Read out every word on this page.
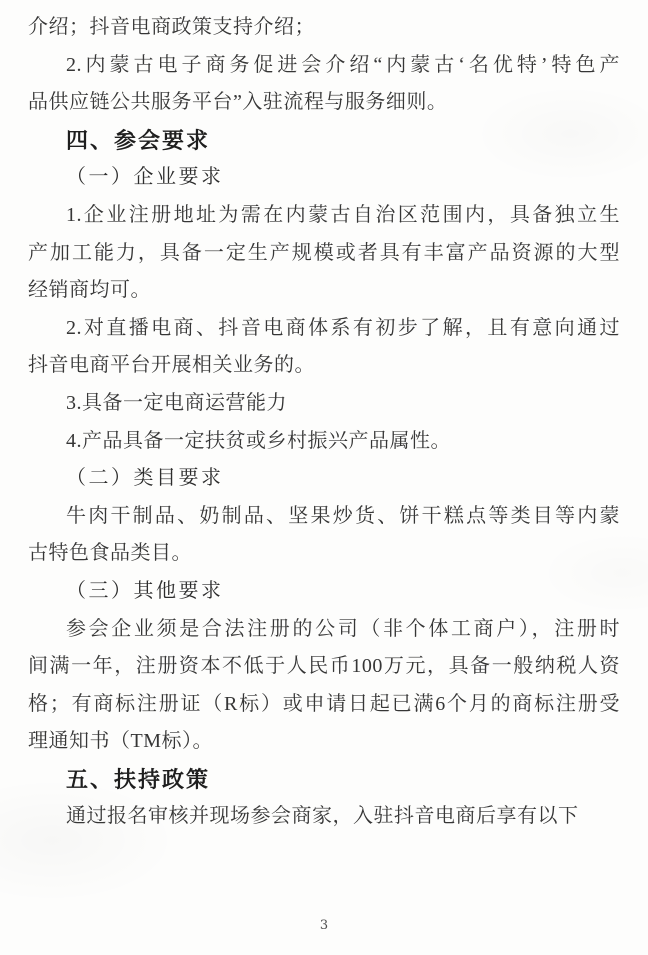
介绍；抖音电商政策支持介绍；

2.内蒙古电子商务促进会介绍“内蒙古‘名优特’特色产

品供应链公共服务平台”入驻流程与服务细则。

四、参会要求
（一）企业要求

1.企业注册地址为需在内蒙古自治区范围内，具备独立生

产加工能力，具备一定生产规模或者具有丰富产品资源的大型

经销商均可。

2.对直播电商、抖音电商体系有初步了解，且有意向通过

抖音电商平台开展相关业务的。

3.具备一定电商运营能力

4.产品具备一定扶贫或乡村振兴产品属性。

（二）类目要求

牛肉干制品、奶制品、坚果炒货、饼干糕点等类目等内蒙

古特色食品类目。

（三）其他要求

参会企业须是合法注册的公司（非个体工商户），注册时

间满一年，注册资本不低于人民币100万元，具备一般纳税人资

格；有商标注册证（R标）或申请日起已满6个月的商标注册受

理通知书（TM标）。

五、扶持政策

通过报名审核并现场参会商家，入驻抖音电商后享有以下

3
